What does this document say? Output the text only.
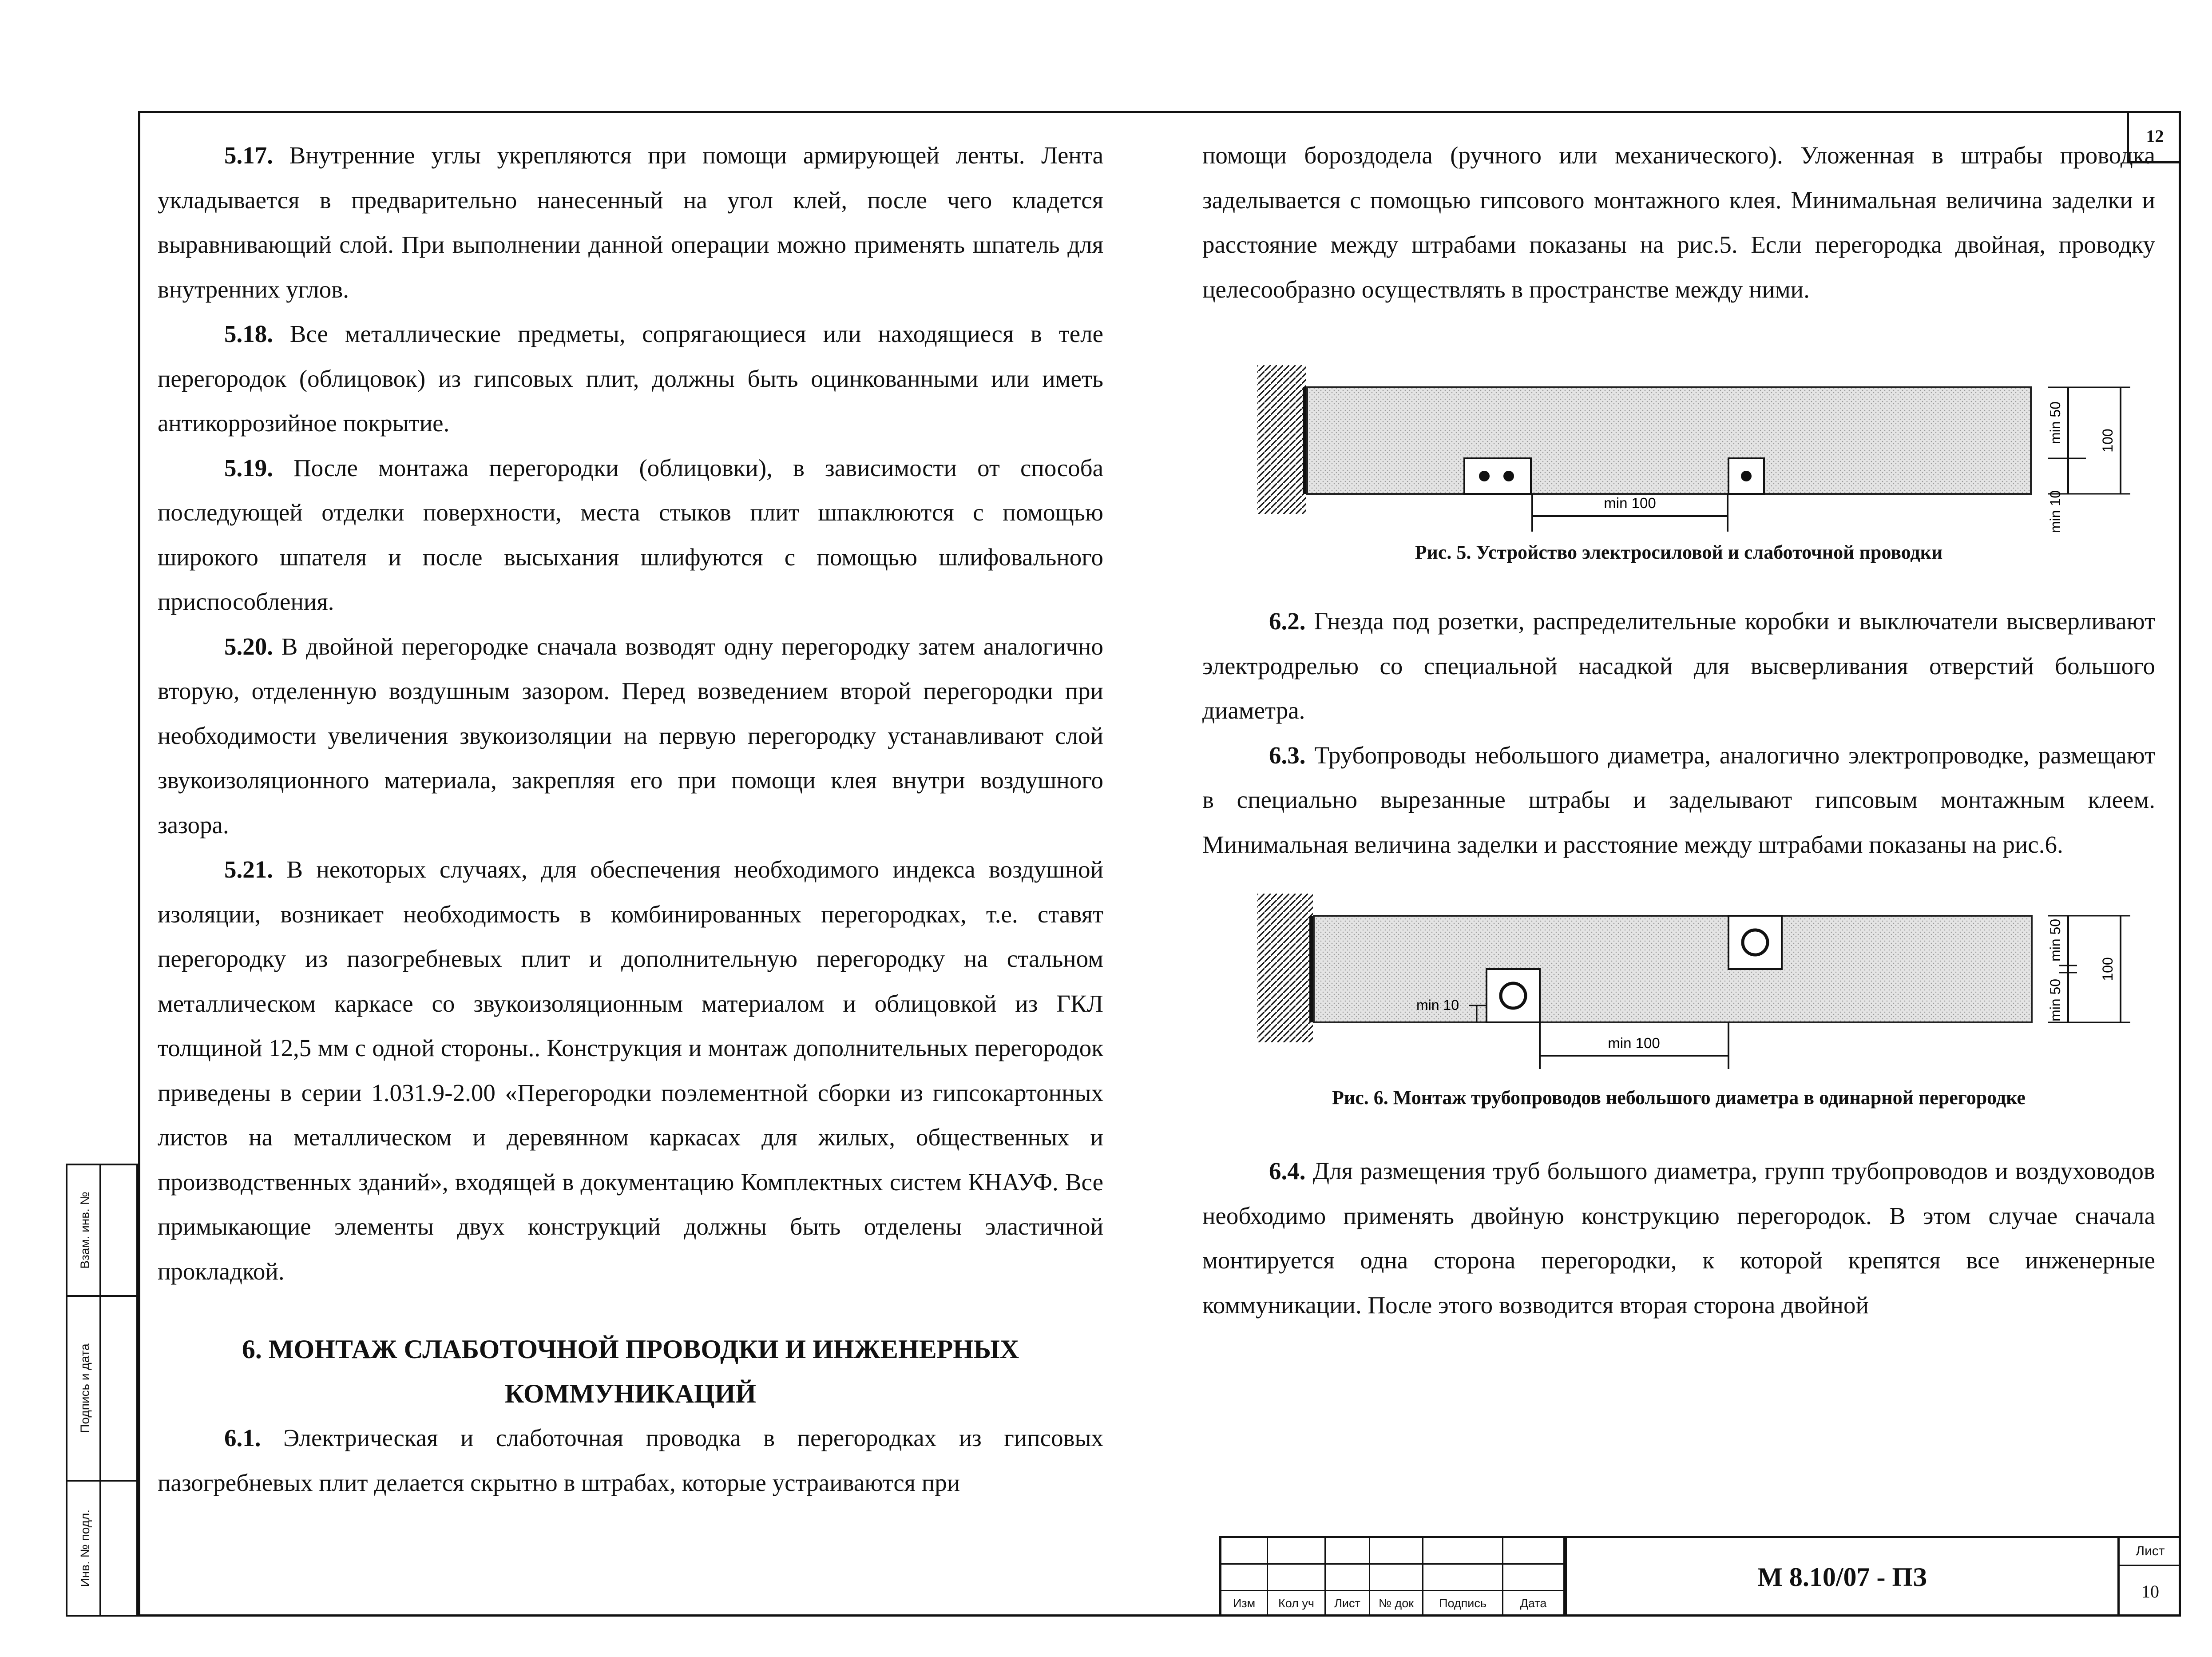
12

5.17. Внутренние углы укрепляются при помощи армирующей ленты. Лента укладывается в предварительно нанесенный на угол клей, после чего кладется выравнивающий слой. При выполнении данной операции можно применять шпатель для внутренних углов.

5.18. Все металлические предметы, сопрягающиеся или находящиеся в теле перегородок (облицовок) из гипсовых плит, должны быть оцинкованными или иметь антикоррозийное покрытие.

5.19. После монтажа перегородки (облицовки), в зависимости от способа последующей отделки поверхности, места стыков плит шпаклюются с помощью широкого шпателя и после высыхания шлифуются с помощью шлифовального приспособления.

5.20. В двойной перегородке сначала возводят одну перегородку затем аналогично вторую, отделенную воздушным зазором. Перед возведением второй перегородки при необходимости увеличения звукоизоляции на первую перегородку устанавливают слой звукоизоляционного материала, закрепляя его при помощи клея внутри воздушного зазора.

5.21. В некоторых случаях, для обеспечения необходимого индекса воздушной изоляции, возникает необходимость в комбинированных перегородках, т.е. ставят перегородку из пазогребневых плит и дополнительную перегородку на стальном металлическом каркасе со звукоизоляционным материалом и облицовкой из ГКЛ толщиной 12,5 мм с одной стороны.. Конструкция и монтаж дополнительных перегородок приведены в серии 1.031.9-2.00 «Перегородки поэлементной сборки из гипсокартонных листов на металлическом и деревянном каркасах для жилых, общественных и производственных зданий», входящей в документацию Комплектных систем КНАУФ. Все примыкающие элементы двух конструкций должны быть отделены эластичной прокладкой.

6. МОНТАЖ СЛАБОТОЧНОЙ ПРОВОДКИ И ИНЖЕНЕРНЫХ КОММУНИКАЦИЙ

6.1. Электрическая и слаботочная проводка в перегородках из гипсовых пазогребневых плит делается скрытно в штрабах, которые устраиваются при

помощи бороздодела (ручного или механического). Уложенная в штрабы проводка заделывается с помощью гипсового монтажного клея. Минимальная величина заделки и расстояние между штрабами показаны на рис.5. Если перегородка двойная, проводку целесообразно осуществлять в пространстве между ними.

min 100
min 50	100
min 10

Рис. 5. Устройство электросиловой и слаботочной проводки

6.2. Гнезда под розетки, распределительные коробки и выключатели высверливают электродрелью со специальной насадкой для высверливания отверстий большого диаметра.

6.3. Трубопроводы небольшого диаметра, аналогично электропроводке, размещают в специально вырезанные штрабы и заделывают гипсовым монтажным клеем. Минимальная величина заделки и расстояние между штрабами показаны на рис.6.

min 10
min 100
min 50
min 50
100

Рис. 6. Монтаж трубопроводов небольшого диаметра в одинарной перегородке

6.4. Для размещения труб большого диаметра, групп трубопроводов и воздуховодов необходимо применять двойную конструкцию перегородок. В этом случае сначала монтируется одна сторона перегородки, к которой крепятся все инженерные коммуникации. После этого возводится вторая сторона двойной

Взам. инв. №
Подпись и дата
Инв. № подл.
Изм	Кол уч	Лист	№ док	Подпись	Дата
М 8.10/07 - ПЗ
Лист
10
